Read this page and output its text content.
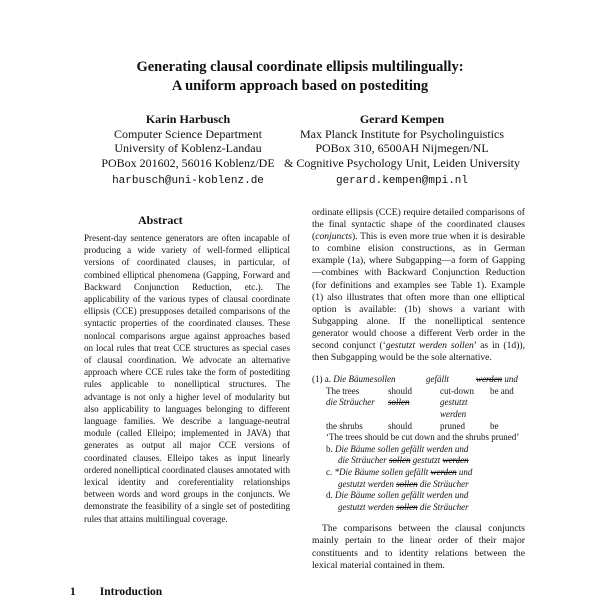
Generating clausal coordinate ellipsis multilingually:
A uniform approach based on postediting
Karin Harbusch
Computer Science Department
University of Koblenz-Landau
POBox 201602, 56016 Koblenz/DE
harbusch@uni-koblenz.de
Gerard Kempen
Max Planck Institute for Psycholinguistics
POBox 310, 6500AH Nijmegen/NL
& Cognitive Psychology Unit, Leiden University
gerard.kempen@mpi.nl
Abstract
Present-day sentence generators are often incapable of producing a wide variety of well-formed elliptical versions of coordinated clauses, in particular, of combined elliptical phenomena (Gapping, Forward and Backward Conjunction Reduction, etc.). The applicability of the various types of clausal coordinate ellipsis (CCE) presupposes detailed comparisons of the syntactic properties of the coordinated clauses. These nonlocal comparisons argue against approaches based on local rules that treat CCE structures as special cases of clausal coordination. We advocate an alternative approach where CCE rules take the form of postediting rules applicable to nonelliptical structures. The advantage is not only a higher level of modularity but also applicability to languages belonging to different language families. We describe a language-neutral module (called Elleipo; implemented in JAVA) that generates as output all major CCE versions of coordinated clauses. Elleipo takes as input linearly ordered nonelliptical coordinated clauses annotated with lexical identity and coreferentiality relationships between words and word groups in the conjuncts. We demonstrate the feasibility of a single set of postediting rules that attains multilingual coverage.
1 Introduction

ordinate ellipsis (CCE) require detailed comparisons of the final syntactic shape of the coordinated clauses (conjuncts). This is even more true when it is desirable to combine elision constructions, as in German example (1a), where Subgapping—a form of Gapping—combines with Backward Conjunction Reduction (for definitions and examples see Table 1). Example (1) also illustrates that often more than one elliptical option is available: (1b) shows a variant with Subgapping alone. If the nonelliptical sentence generator would choose a different Verb order in the second conjunct (‘gestutzt werden sollen’ as in (1d)), then Subgapping would be the sole alternative.

(1) a. Die Bäume sollen	gefällt	werden und
The trees	should	cut-down	be and
die Sträucher	sollen	gestutzt werden
the shrubs	should	pruned	be
‘The trees should be cut down and the shrubs pruned’
b. Die Bäume sollen gefällt werden und
die Sträucher sollen gestutzt werden
c. *Die Bäume sollen gefällt werden und
gestutzt werden sollen die Sträucher
d. Die Bäume sollen gefällt werden und
gestutzt werden sollen die Sträucher

The comparisons between the clausal conjuncts mainly pertain to the linear order of their major constituents and to identity relations between the lexical material contained in them.
